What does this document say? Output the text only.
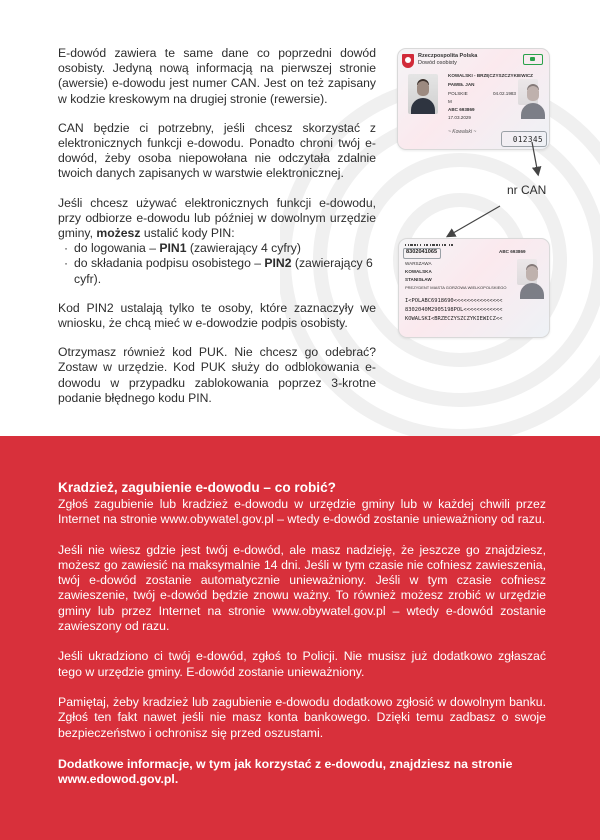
E-dowód zawiera te same dane co poprzedni dowód osobisty. Jedyną nową informacją na pierwszej stronie (awersie) e-dowodu jest numer CAN. Jest on też zapisany w kodzie kreskowym na drugiej stronie (rewersie).

CAN będzie ci potrzebny, jeśli chcesz skorzystać z elektronicznych funkcji e-dowodu. Ponadto chroni twój e-dowód, żeby osoba niepowołana nie odczytała zdalnie twoich danych zapisanych w warstwie elektronicznej.

Jeśli chcesz używać elektronicznych funkcji e-dowodu, przy odbiorze e-dowodu lub później w dowolnym urzędzie gminy, możesz ustalić kody PIN:

· do logowania – PIN1 (zawierający 4 cyfry)
· do składania podpisu osobistego – PIN2 (zawierający 6 cyfr).

Kod PIN2 ustalają tylko te osoby, które zaznaczyły we wniosku, że chcą mieć w e-dowodzie podpis osobisty.

Otrzymasz również kod PUK. Nie chcesz go odebrać? Zostaw w urzędzie. Kod PUK służy do odblokowania e-dowodu w przypadku zablokowania poprzez 3-krotne podanie błędnego kodu PIN.

Rzeczpospolita Polska
Dowód osobisty
KOWALSKI - BRZĘCZYSZCZYKIEWICZ
PAWEŁ JAN
POLSKIE	04.02.1983
M
ABC 693869
17.03.2029
~ Kowalski ~
012345
nr CAN
8302041065
WARSZAWA
KOWALSKA
STANISŁAW
PREZYDENT MIASTA GORZOWA WIELKOPOLSKIEGO
ABC 693869
I<POLABC6918690<<<<<<<<<<<<<<<
8302040M2905198POL<<<<<<<<<<<<
KOWALSKI<BRZECZYSZCZYKIEWICZ<<
Kradzież, zagubienie e-dowodu – co robić?

Zgłoś zagubienie lub kradzież e-dowodu w urzędzie gminy lub w każdej chwili przez Internet na stronie www.obywatel.gov.pl – wtedy e-dowód zostanie unieważniony od razu.

Jeśli nie wiesz gdzie jest twój e-dowód, ale masz nadzieję, że jeszcze go znajdziesz, możesz go zawiesić na maksymalnie 14 dni. Jeśli w tym czasie nie cofniesz zawieszenia, twój e-dowód zostanie automatycznie unieważniony. Jeśli w tym czasie cofniesz zawieszenie, twój e-dowód będzie znowu ważny. To również możesz zrobić w urzędzie gminy lub przez Internet na stronie www.obywatel.gov.pl – wtedy e-dowód zostanie zawieszony od razu.

Jeśli ukradziono ci twój e-dowód, zgłoś to Policji. Nie musisz już dodatkowo zgłaszać tego w urzędzie gminy. E-dowód zostanie unieważniony.

Pamiętaj, żeby kradzież lub zagubienie e-dowodu dodatkowo zgłosić w dowolnym banku. Zgłoś ten fakt nawet jeśli nie masz konta bankowego. Dzięki temu zadbasz o swoje bezpieczeństwo i ochronisz się przed oszustami.

Dodatkowe informacje, w tym jak korzystać z e-dowodu, znajdziesz na stronie www.edowod.gov.pl.
